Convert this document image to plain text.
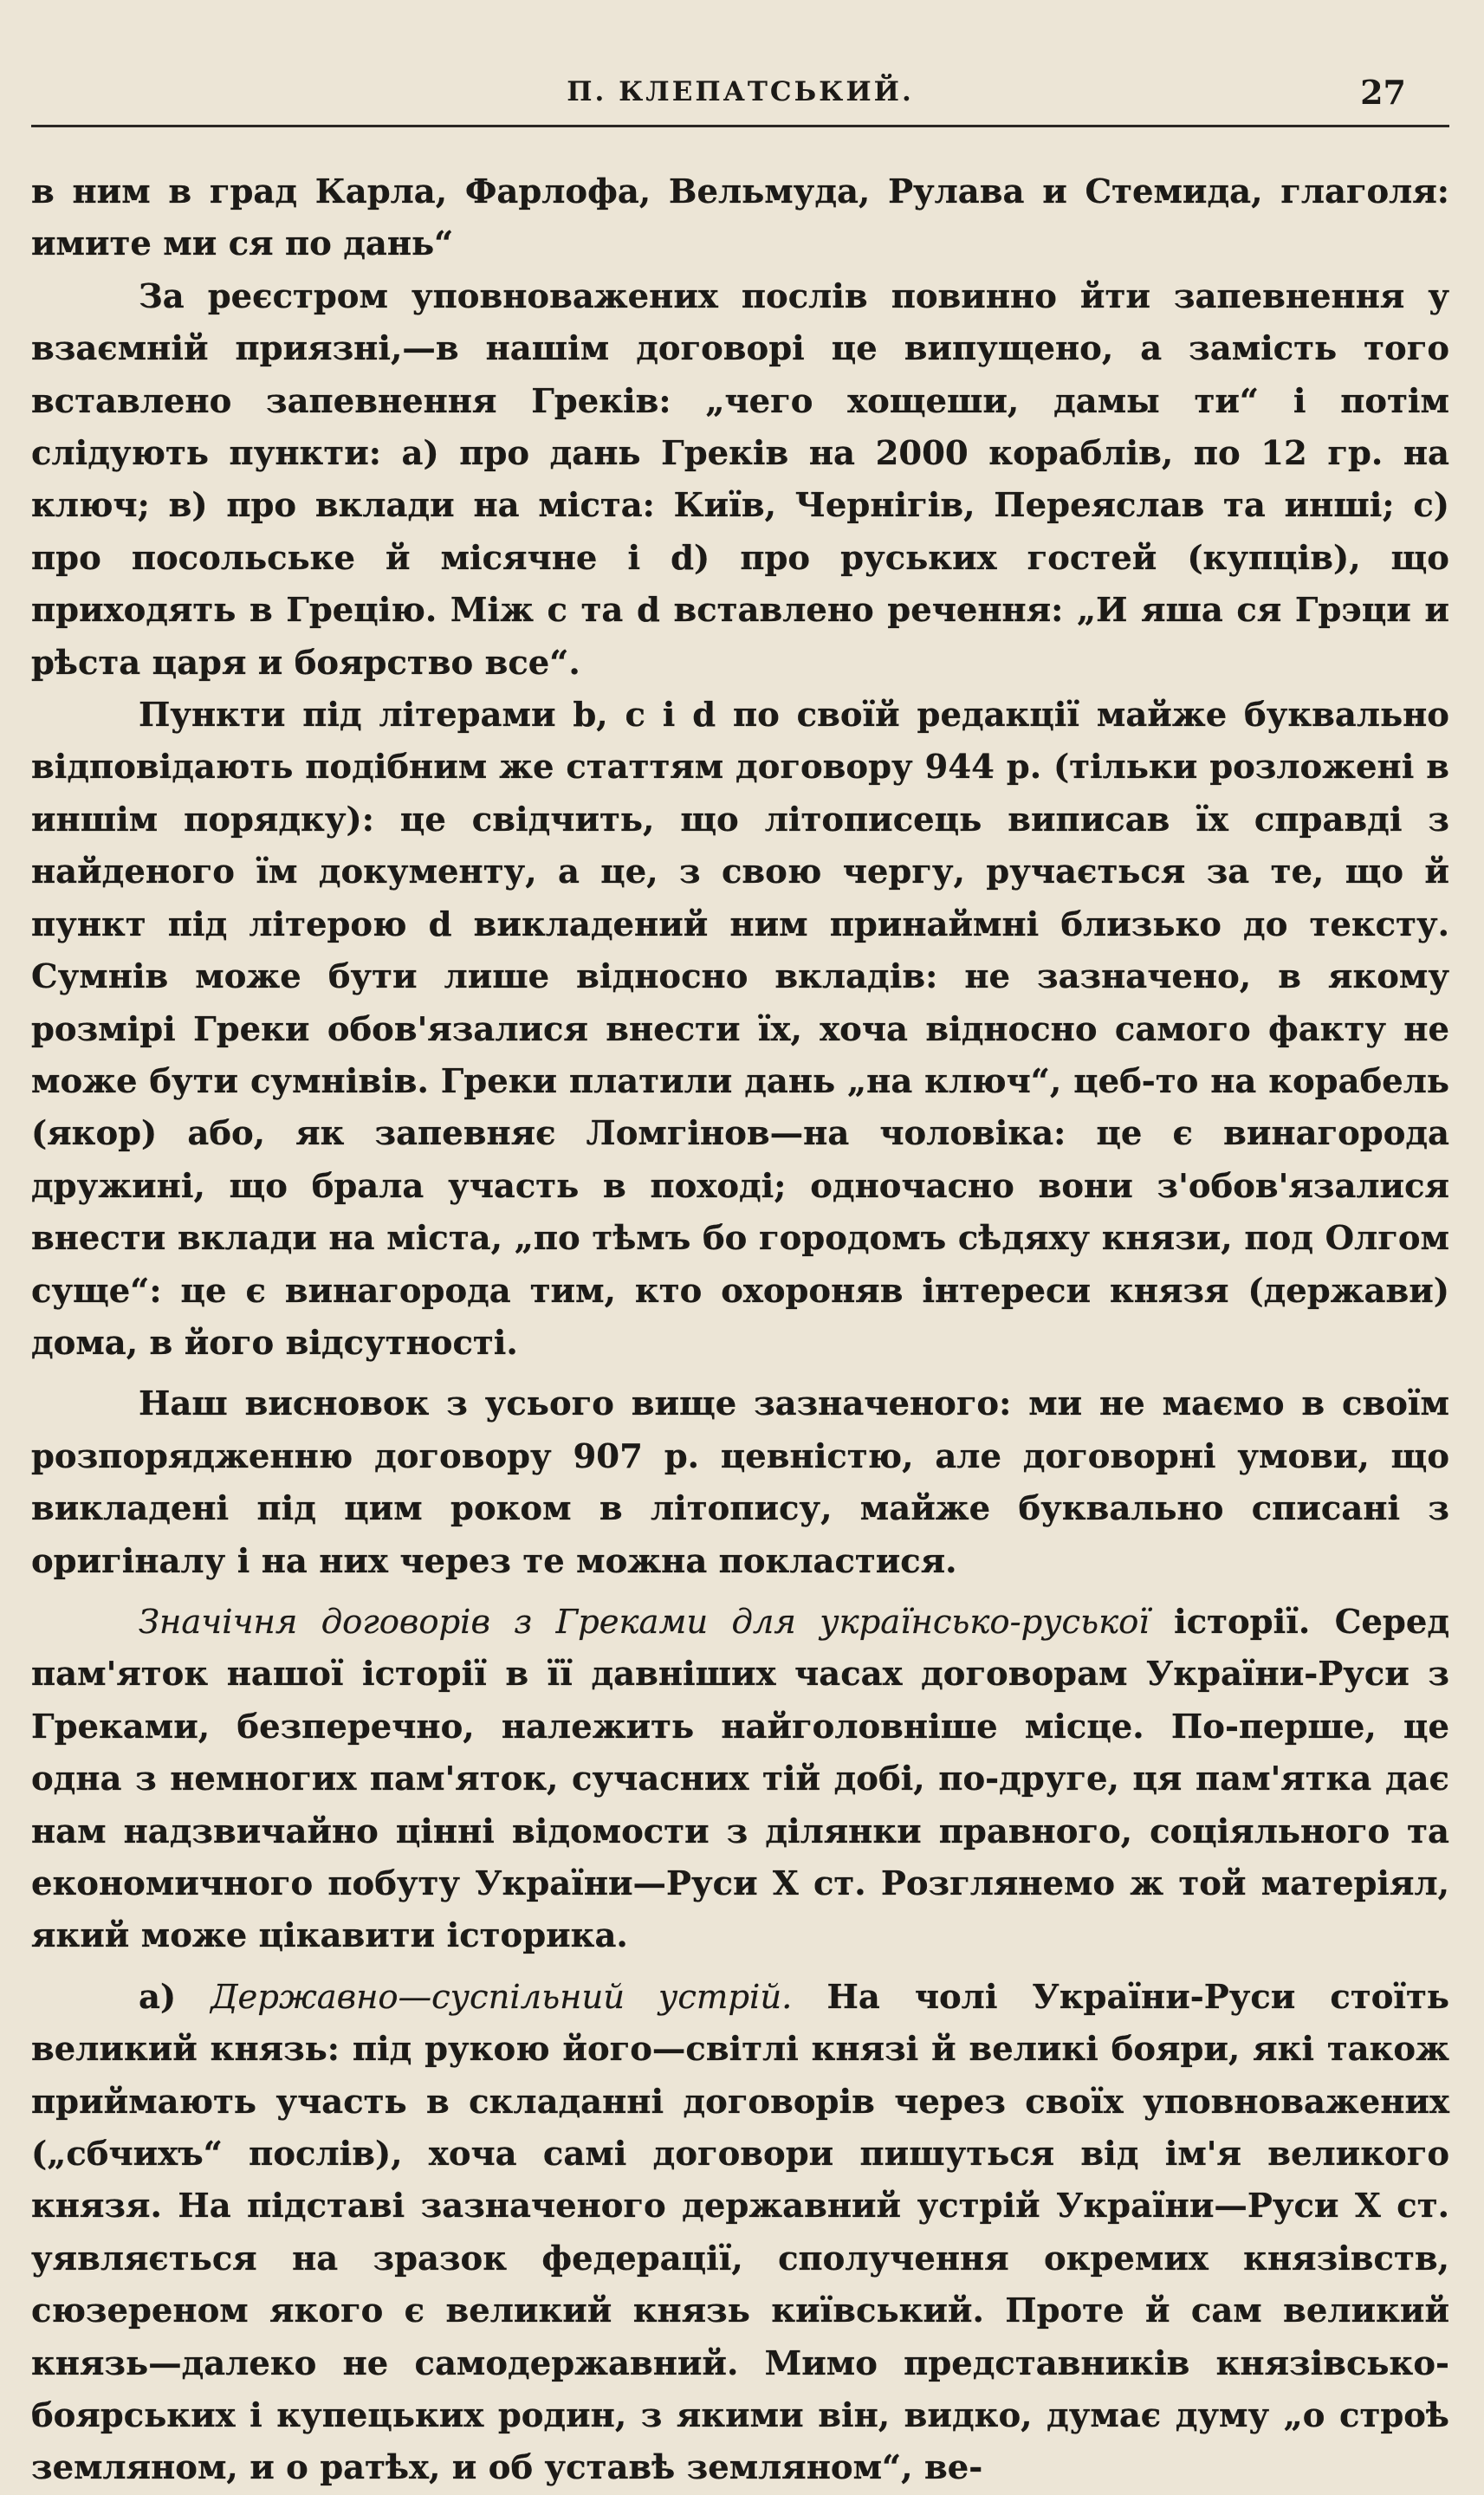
П. КЛЕПАТСЬКИЙ.	27

в ним в град Карла, Фарлофа, Вельмуда, Рулава и Стемида, глаголя: имите ми ся по дань“

За реєстром уповноважених послів повинно йти запевнення у взаємній приязні,—в нашім договорі це випущено, а замість того вставлено запевнення Греків: „чего хощеши, дамы ти“ і потім слідують пункти: а) про дань Греків на 2000 кораблів, по 12 гр. на ключ; в) про вклади на міста: Київ, Чернігів, Переяслав та инші; с) про посольське й місячне і d) про руських гостей (купців), що приходять в Грецію. Між c та d вставлено речення: „И яша ся Грэци и рѣста царя и боярство все“.

Пункти під літерами b, c і d по своїй редакції майже буквально відповідають подібним же статтям договору 944 р. (тільки розложені в иншім порядку): це свідчить, що літописець виписав їх справді з найденого їм документу, а це, з свою чергу, ручається за те, що й пункт під літерою d викладений ним принаймні близько до тексту. Сумнів може бути лише відносно вкладів: не зазначено, в якому розмірі Греки обов'язалися внести їх, хоча відносно самого факту не може бути сумнівів. Греки платили дань „на ключ“, цеб-то на корабель (якор) або, як запевняє Ломгінов—на чоловіка: це є винагорода дружині, що брала участь в поході; одночасно вони з'обов'язалися внести вклади на міста, „по тѣмъ бо городомъ сѣдяху князи, под Олгом суще“: це є винагорода тим, кто охороняв інтереси князя (держави) дома, в його відсутності.

Наш висновок з усього вище зазначеного: ми не маємо в своїм розпорядженню договору 907 р. цевністю, але договорні умови, що викладені під цим роком в літопису, майже буквально списані з оригіналу і на них через те можна покластися.

Значічня договорів з Греками для українсько-руської історії. Серед пам'яток нашої історії в її давніших часах договорам України-Руси з Греками, безперечно, належить найголовніше місце. По-перше, це одна з немногих пам'яток, сучасних тій добі, по-друге, ця пам'ятка дає нам надзвичайно цінні відомости з ділянки правного, соціяльного та економичного побуту України—Руси X ст. Розглянемо ж той матеріял, який може цікавити історика.

а) Державно—суспільний устрій. На чолі України-Руси стоїть великий князь: під рукою його—світлі князі й великі бояри, які також приймають участь в складанні договорів через своїх уповноважених („сбчихъ“ послів), хоча самі договори пишуться від ім'я великого князя. На підставі зазначеного державний устрій України—Руси X ст. уявляється на зразок федерації, сполучення окремих князівств, сюзереном якого є великий князь київський. Проте й сам великий князь—далеко не самодержавний. Мимо представників князівсько-боярських і купецьких родин, з якими він, видко, думає думу „о строѣ земляном, и о ратѣх, и об уставѣ земляном“, ве-
